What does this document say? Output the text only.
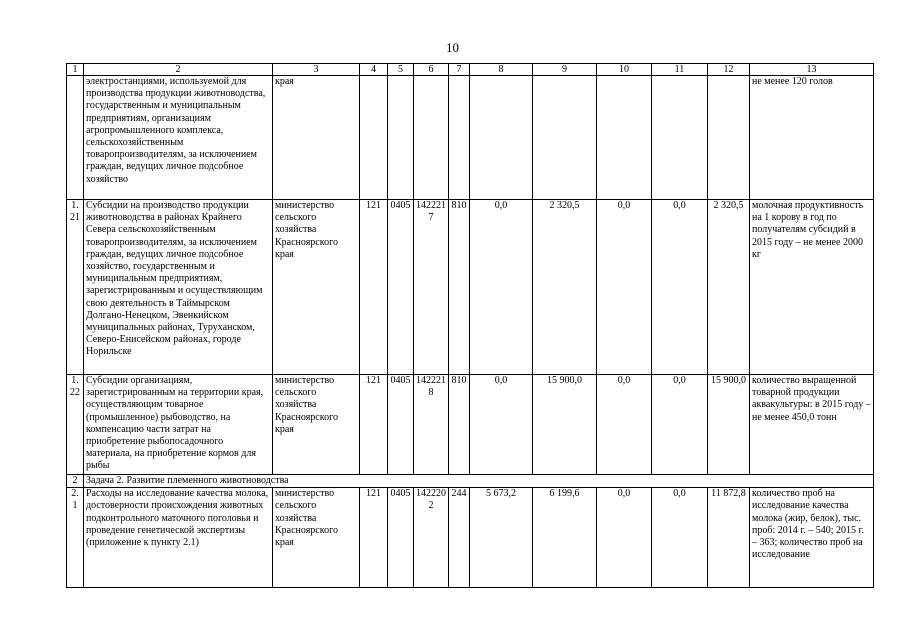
10
1	2	3	4	5	6	7	8	9	10	11	12	13
	электростанциями, используемой для производства продукции животноводства, государственным и муниципальным предприятиям, организациям агропромышленного комплекса, сельскохозяйственным товаропроизводителям, за исключением граждан, ведущих личное подсобное хозяйство	края										не менее 120 голов
1.21	Субсидии на производство продукции животноводства в районах Крайнего Севера сельскохозяйственным товаропроизводителям, за исключением граждан, ведущих личное подсобное хозяйство, государственным и муниципальным предприятиям, зарегистрированным и осуществляющим свою деятельность в Таймырском Долгано-Ненецком, Эвенкийском муниципальных районах, Туруханском, Северо-Енисейском районах, городе Норильске	министерство сельского хозяйства Красноярского края	121	0405	1422217	810	0,0	2 320,5	0,0	0,0	2 320,5	молочная продуктивность на 1 корову в год по получателям субсидий в 2015 году – не менее 2000 кг
1.22	Субсидии организациям, зарегистрированным на территории края, осуществляющим товарное (промышленное) рыбоводство, на компенсацию части затрат на приобретение рыбопосадочного материала, на приобретение кормов для рыбы	министерство сельского хозяйства Красноярского края	121	0405	1422218	810	0,0	15 900,0	0,0	0,0	15 900,0	количество выращенной товарной продукции аквакультуры: в 2015 году – не менее 450,0 тонн
2	Задача 2. Развитие племенного животноводства											
2.1	Расходы на исследование качества молока, достоверности происхождения животных подконтрольного маточного поголовья и проведение генетической экспертизы (приложение к пункту 2.1)	министерство сельского хозяйства Красноярского края	121	0405	1422202	244	5 673,2	6 199,6	0,0	0,0	11 872,8	количество проб на исследование качества молока (жир, белок), тыс. проб: 2014 г. – 540; 2015 г. – 363; количество проб на исследование
